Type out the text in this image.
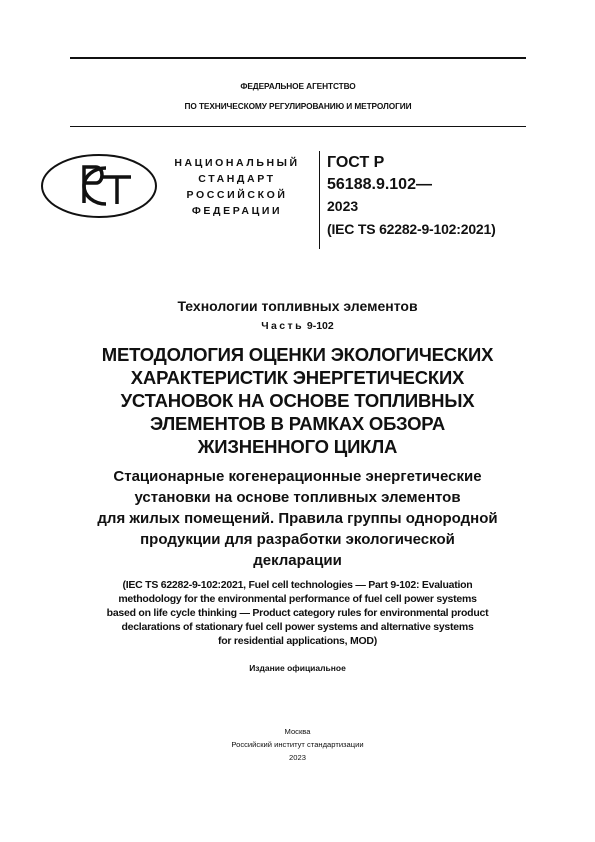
ФЕДЕРАЛЬНОЕ АГЕНТСТВО
ПО ТЕХНИЧЕСКОМУ РЕГУЛИРОВАНИЮ И МЕТРОЛОГИИ
НАЦИОНАЛЬНЫЙ
СТАНДАРТ
РОССИЙСКОЙ
ФЕДЕРАЦИИ
ГОСТ Р
56188.9.102—
2023
(IEC TS 62282-9-102:2021)
Технологии топливных элементов
Часть 9-102
МЕТОДОЛОГИЯ ОЦЕНКИ ЭКОЛОГИЧЕСКИХ
ХАРАКТЕРИСТИК ЭНЕРГЕТИЧЕСКИХ
УСТАНОВОК НА ОСНОВЕ ТОПЛИВНЫХ
ЭЛЕМЕНТОВ В РАМКАХ ОБЗОРА
ЖИЗНЕННОГО ЦИКЛА
Стационарные когенерационные энергетические
установки на основе топливных элементов
для жилых помещений. Правила группы однородной
продукции для разработки экологической
декларации
(IEC TS 62282-9-102:2021, Fuel cell technologies — Part 9-102: Evaluation
methodology for the environmental performance of fuel cell power systems
based on life cycle thinking — Product category rules for environmental product
declarations of stationary fuel cell power systems and alternative systems
for residential applications, MOD)
Издание официальное
Москва
Российский институт стандартизации
2023
